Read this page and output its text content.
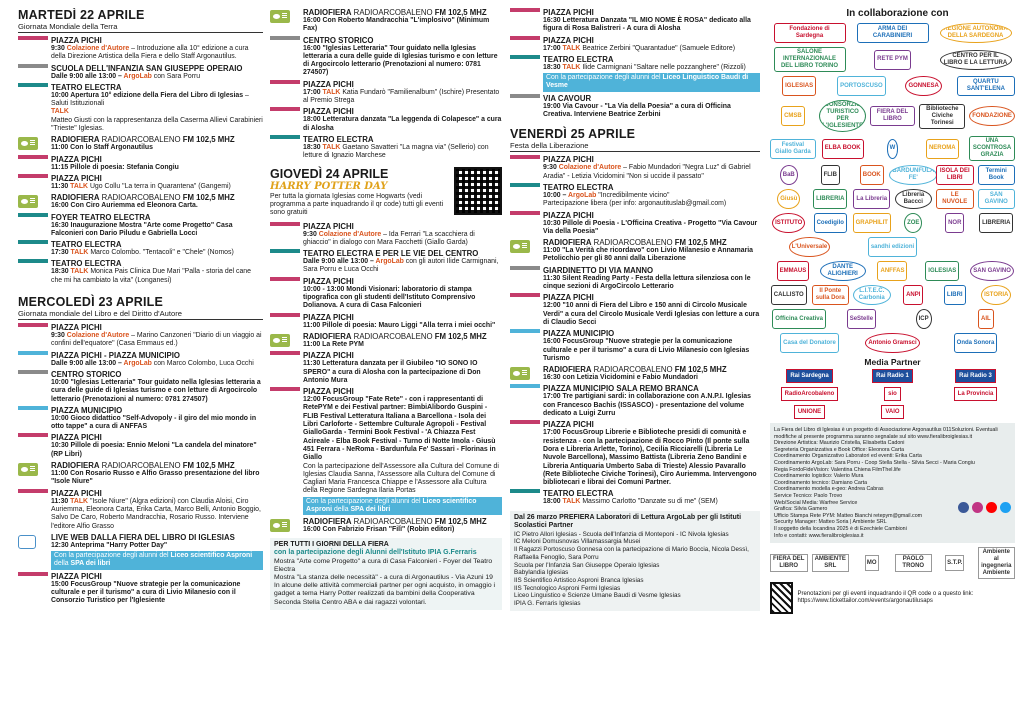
MARTEDÌ 22 APRILE
Giornata Mondiale della Terra
PIAZZA PICHI
9:30 Colazione d'Autore – Introduzione alla 10° edizione a cura della Direzione Artistica della Fiera e dello Staff Argonautilus.
SCUOLA DELL'INFANZIA SAN GIUSEPPE OPERAIO
Dalle 9:00 alle 13:00 – ArgoLab con Sara Porru
TEATRO ELECTRA
10:00 Apertura 10° edizione della Fiera del Libro di Iglesias – Saluti Istituzionali
TALK
Matteo Giusti con la rappresentanza della Caserma Allievi Carabinieri "Trieste" Iglesias.
RADIOFIERA RADIOARCOBALENO FM 102,5 MHZ
11:00 Con lo Staff Argonautilus
PIAZZA PICHI
11:15 Pillole di poesia: Stefania Congiu
PIAZZA PICHI
11:30 TALK Ugo Collu "La terra in Quarantena" (Gangemi)
RADIOFIERA RADIOARCOBALENO FM 102,5 MHZ
16:00 Con Ciro Auriemma ed Eleonora Carta.
FOYER TEATRO ELECTRA
16:30 Inaugurazione Mostra "Arte come Progetto" Casa Falconieri con Dario Piludu e Gabriella Locci
TEATRO ELECTRA
17:30 TALK Marco Colombo. "Tentacoli" e "Chele" (Nomos)
TEATRO ELECTRA
18:30 TALK Monica Pais Clinica Due Mari "Palla - storia del cane che mi ha cambiato la vita" (Longanesi)
MERCOLEDÌ 23 APRILE
Giornata mondiale del Libro e del Diritto d'Autore
PIAZZA PICHI
9:30 Colazione d'Autore – Marino Canzoneri "Diario di un viaggio ai confini dell'equatore" (Casa Emmaus ed.)
PIAZZA PICHI - PIAZZA MUNICIPIO
Dalle 9:00 alle 13:00 – ArgoLab con Marco Colombo, Luca Occhi
CENTRO STORICO
10:00 "Iglesias Letteraria" Tour guidato nella Iglesias letteraria a cura delle guide di Iglesias turismo e con letture di Argocircolo letterario (Prenotazioni al numero: 0781 274507)
PIAZZA MUNICIPIO
10:00 Gioco didattico "Self-Advopoly - il giro del mio mondo in otto tappe" a cura di ANFFAS
PIAZZA PICHI
10:30 Pillole di poesia: Ennio Meloni "La candela del minatore" (RP Libri)
RADIOFIERA RADIOARCOBALENO FM 102,5 MHZ
11:00 Con Rosario Russo e Alfio Grasso presentazione del libro "Isole Niure"
PIAZZA PICHI
11:30 TALK "Isole Niure" (Algra edizioni) con Claudia Aloisi, Ciro Auriemma, Eleonora Carta, Erika Carta, Marco Belli, Antonio Boggio, Salvo De Caro, Roberto Mandracchia, Rosario Russo. Interviene l'editore Alfio Grasso
LIVE WEB DALLA FIERA DEL LIBRO DI IGLESIAS
12:30 Anteprima "Harry Potter Day"
Con la partecipazione degli alunni del Liceo scientifico Asproni della SPA dei libri
PIAZZA PICHI
15:00 FocusGroup "Nuove strategie per la comunicazione culturale e per il turismo" a cura di Livio Milanesio con il Consorzio Turistico per l'Iglesiente
RADIOFIERA RADIOARCOBALENO FM 102,5 MHZ
16:00 Con Roberto Mandracchia "L'implosivo" (Minimum Fax)
CENTRO STORICO
16:00 "Iglesias Letteraria" Tour guidato nella Iglesias letteraria a cura delle guide di Iglesias turismo e con letture di Argocircolo letterario (Prenotazioni al numero: 0781 274507)
PIAZZA PICHI
17:00 TALK Katia Fundarò "Familienalbum" (Ischire) Presentato al Premio Strega
PIAZZA PICHI
18:00 Letteratura danzata "La leggenda di Colapesce" a cura di Alosha
TEATRO ELECTRA
18:30 TALK Gaetano Savatteri "La magna via" (Sellerio) con letture di Ignazio Marchese
GIOVEDÌ 24 APRILE
HARRY POTTER DAY
Per tutta la giornata Iglesias come Hogwarts (vedi programma a parte inquadrando il qr code) tutti gli eventi sono gratuiti
PIAZZA PICHI
9:30 Colazione d'Autore – Ida Ferrari "La scacchiera di ghiaccio" in dialogo con Mara Facchetti (Giallo Garda)
TEATRO ELECTRA E PER LE VIE DEL CENTRO
Dalle 9:00 alle 13:00 – ArgoLab con gli autori Ilide Carmignani, Sara Porru e Luca Occhi
PIAZZA PICHI
10:00 - 13:00 Mondi Visionari: laboratorio di stampa tipografica con gli studenti dell'Istituto Comprensivo Dolianova. A cura di Casa Falconieri
PIAZZA PICHI
11:00 Pillole di poesia: Mauro Liggi "Alla terra i miei occhi"
RADIOFIERA RADIOARCOBALENO FM 102,5 MHZ
11:00 La Rete PYM
PIAZZA PICHI
11:30 Letteratura danzata per il Giubileo "IO SONO IO SPERO" a cura di Alosha con la partecipazione di Don Antonio Mura
PIAZZA PICHI
12:00 FocusGroup "Fate Rete" - con i rappresentanti di RetePYM e dei Festival partner: BimbiAlibordo Guspini - FLIB Festival Letteratura Italiana a Barcellona - Isola dei Libri Carloforte - Settembre Culturale Agropoli - Festival GialloGarda - Termini Book Festival - 'A Chiazza Fest Acireale - Elba Book Festival - Turno di Notte Imola - Giusù 451 Ferrara - NeRoma - Bardunfula Fe' Sassari - Florinas in Giallo
Con la partecipazione dell'Assessore alla Cultura del Comune di Iglesias Claudia Sanna, l'Assessore alla Cultura del Comune di Cagliari Maria Francesca Chiappe e l'Assessore alla Cultura della Regione Sardegna Ilaria Portas
Con la partecipazione degli alunni del Liceo scientifico Asproni della SPA dei libri
RADIOFIERA RADIOARCOBALENO FM 102,5 MHZ
16:00 Con Fabrizio Frisan "Filì" (Robin editori)
PER TUTTI I GIORNI DELLA FIERA
con la partecipazione degli Alunni dell'Istituto IPIA G.Ferraris
Mostra "Arte come Progetto" a cura di Casa Falconieri - Foyer del Teatro Electra
Mostra "La stanza delle necessità" - a cura di Argonautilus - Via Azuni 19
In alcune delle attività commerciali partner per ogni acquisto, in omaggio i gadget a tema Harry Potter realizzati da bambini della Cooperativa Seconda Stella Centro ABA e dai ragazzi volontari.
PIAZZA PICHI
16:30 Letteratura Danzata "IL MIO NOME È ROSA" dedicato alla figura di Rosa Balistreri - A cura di Alosha
PIAZZA PICHI
17:00 TALK Beatrice Zerbini "Quarantadue" (Samuele Editore)
TEATRO ELECTRA
18:30 TALK Ilide Carmignani "Saltare nelle pozzanghere" (Rizzoli)
Con la partecipazione degli alunni del Liceo Linguistico Baudi di Vesme
VIA CAVOUR
19:00 Via Cavour - "La Via della Poesia" a cura di Officina Creativa. Interviene Beatrice Zerbini
VENERDÌ 25 APRILE
Festa della Liberazione
PIAZZA PICHI
9:30 Colazione d'Autore – Fabio Mundadori "Negra Luz" di Gabriel Aradia" - Letizia Vicidomini "Non si uccide il passato"
TEATRO ELECTRA
10:00 – ArgoLab "Incredibilmente vicino"
Partecipazione libera (per info: argonautituslab@gmail.com)
PIAZZA PICHI
10:30 Pillole di Poesia - L'Officina Creativa - Progetto "Via Cavour Via della Poesia"
RADIOFIERA RADIOARCOBALENO FM 102,5 MHZ
11:00 "La Verità che ricordavo" con Livio Milanesio e Annamaria Petolicchio per gli 80 anni dalla Liberazione
GIARDINETTO DI VIA MANNO
11:30 Silent Reading Party - Festa della lettura silenziosa con le cinque sezioni di ArgoCircolo Letterario
PIAZZA PICHI
12:00 "10 anni di Fiera del Libro e 150 anni di Circolo Musicale Verdi" a cura del Circolo Musicale Verdi Iglesias con letture a cura di Claudio Secci
PIAZZA MUNICIPIO
16:00 FocusGroup "Nuove strategie per la comunicazione culturale e per il turismo" a cura di Livio Milanesio con Iglesias Turismo
RADIOFIERA RADIOARCOBALENO FM 102,5 MHZ
16:30 con Letizia Vicidomini e Fabio Mundadori
PIAZZA MUNICIPIO SALA REMO BRANCA
17:00 Tre partigiani sardi: in collaborazione con A.N.P.I. Iglesias con Francesco Bachis (ISSASCO) - presentazione del volume dedicato a Luigi Zurru
PIAZZA PICHI
17:00 FocusGroup Librerie e Biblioteche presidi di comunità e resistenza - con la partecipazione di Rocco Pinto (Il ponte sulla Dora e Libreria Arlette, Torino), Cecilia Ricciarelli (Libreria Le Nuvole Barcellona), Massimo Battista (Libreria Zeno Bandini e Libreria Antiquaria Umberto Saba di Trieste) Alessio Pavarallo (Rete Biblioteche Civiche Torinesi), Ciro Auriemma. Intervengono bibliotecari e librai dei Comuni Partner.
TEATRO ELECTRA
18:00 TALK Massimo Carlotto "Danzate su di me" (SEM)
Dal 26 marzo PREFIERA Laboratori di Lettura ArgoLab per gli Istituti Scolastici Partner
IC Pietro Allori Iglesias - Scuola dell'Infanzia di Monteponi - IC Nivola Iglesias
IC Meloni Domusnovas Villamassargia Musei
Il Ragazzi Portoscuso Gonnesa con la partecipazione di Mario Boccia, Nicola Dessì, Raffaella Fenoglio, Sara Porru
Scuola per l'Infanzia San Giuseppe Operaio Iglesias
Babylandia Iglesias
IIS Scientifico Artistico Asproni Branca Iglesias
IIS Tecnologico Asproni Fermi Iglesias
Liceo Linguistico e Scienze Umane Baudi di Vesme Iglesias
IPIA G. Ferraris Iglesias
In collaborazione con
Fondazione di Sardegna
ARMA DEI CARABINIERI
REGIONE AUTONOMA DELLA SARDEGNA
SALONE INTERNAZIONALE DEL LIBRO TORINO
RETE PYM
CENTRO PER IL LIBRO E LA LETTURA
IGLESIAS	PORTOSCUSO	GONNESA
QUARTU SANT'ELENA
CMSB
CONSORZIO TURISTICO PER L'IGLESIENTE
FIERA DEL LIBRO
Biblioteche Civiche Torinesi
FONDAZIONE
Festival Giallo Garda
ELBA BOOK	W	NEROMA
UNA SCONTROSA GRAZIA
BaB	FLIB	BOOK
BARDUNFULA FE'
ISOLA DEI LIBRI
Termini Book
Giusù	LIBRERIA	La Libreria
Libreria Baccci
LE NUVOLE
SAN GAVINO
ISTITUTO	Coedigilo	GRAPHILIT	ZOE	NOR	LIBRERIA
L'Universale	sandhi edizioni
EMMAUS
DANTE ALIGHIERI
ANFFAS	IGLESIAS	SAN GAVINO
CALLISTO
Il Ponte sulla Dora
L.I.T.E.C. Carbonia
ANPI	LIBRI	ISTORIA
Officina Creativa	SeStelle	ICP	AIL
Casa del Donatore	Antonio Gramsci	Onda Sonora
Media Partner
Rai Sardegna	Rai Radio 1	Rai Radio 3
RadioArcobaleno	sio	La Provincia
UNIONE	VAIO
La Fiera del Libro di Iglesias è un progetto di Associazione Argonautilus 011Soluzioni. Eventuali modifiche al presente programma saranno segnalate sul sito www.fieralibroiglesias.it
Direzione Artistica: Maurizio Cristella, Elisabetta Cadoni
Segreteria Organizzativa e Book Office: Eleonora Carta
Coordinamento Organizzativo Laboratori ed eventi: Erika Carta
Coordinamento ArgoLab: Sara Porru - Coop Stella Stella - Silvia Secci - Maria Congiu
Regia FordoFideVision: Valentina Chiena FilmThel.life
Coordinamento logistico: Valerio Mura
Coordinamento tecnico: Damiano Carta
Coordinamento modella e-geo: Andrea Cabras
Service Tecnico: Paolo Trovo
Web/Social Media: Warfree Service
Grafica: Silvia Gamero
Ufficio Stampa Rete PYM: Matteo Bianchi retepym@gmail.com
Security Manager: Matteo Soria | Ambiente SRL
Il soggetto della locandina 2025 è di Ezechiele Cambioni
Info e contatti: www.fieralibroiglesias.it
FIERA DEL LIBRO
AMBIENTE SRL
MO
PAOLO TRONO
S.T.P.
Ambiente al ingegneria Ambiente
Prenotazioni per gli eventi inquadrando il QR code o a questo link: https://www.tickettailor.com/events/argonautilusaps
